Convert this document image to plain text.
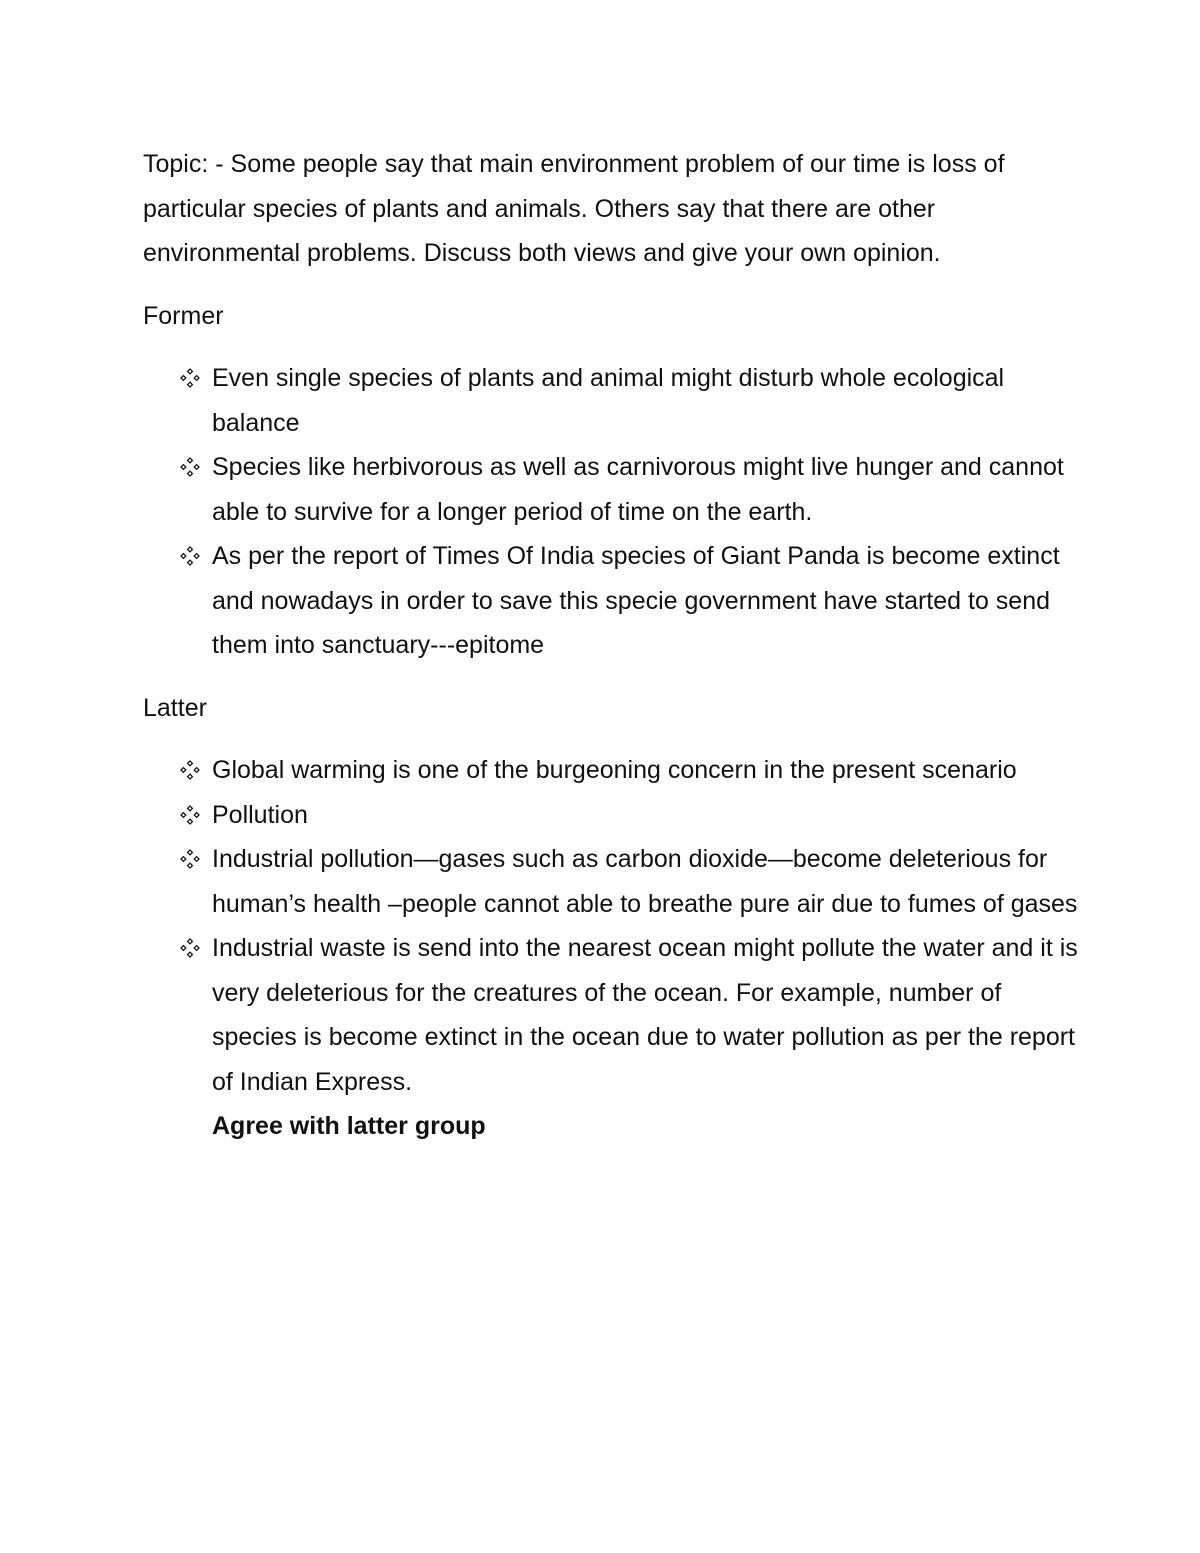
Topic: - Some people say that main environment problem of our time is loss of particular species of plants and animals. Others say that there are other environmental problems. Discuss both views and give your own opinion.

Former
Even single species of plants and animal might disturb whole ecological balance
Species like herbivorous as well as carnivorous might live hunger and cannot able to survive for a longer period of time on the earth.
As per the report of Times Of India species of Giant Panda is become extinct and nowadays in order to save this specie government have started to send them into sanctuary---epitome
Latter
Global warming is one of the burgeoning concern in the present scenario
Pollution
Industrial pollution—gases such as carbon dioxide—become deleterious for human’s health –people cannot able to breathe pure air due to fumes of gases
Industrial waste is send into the nearest ocean might pollute the water and it is very deleterious for the creatures of the ocean. For example, number of species is become extinct in the ocean due to water pollution as per the report of Indian Express.

Agree with latter group
